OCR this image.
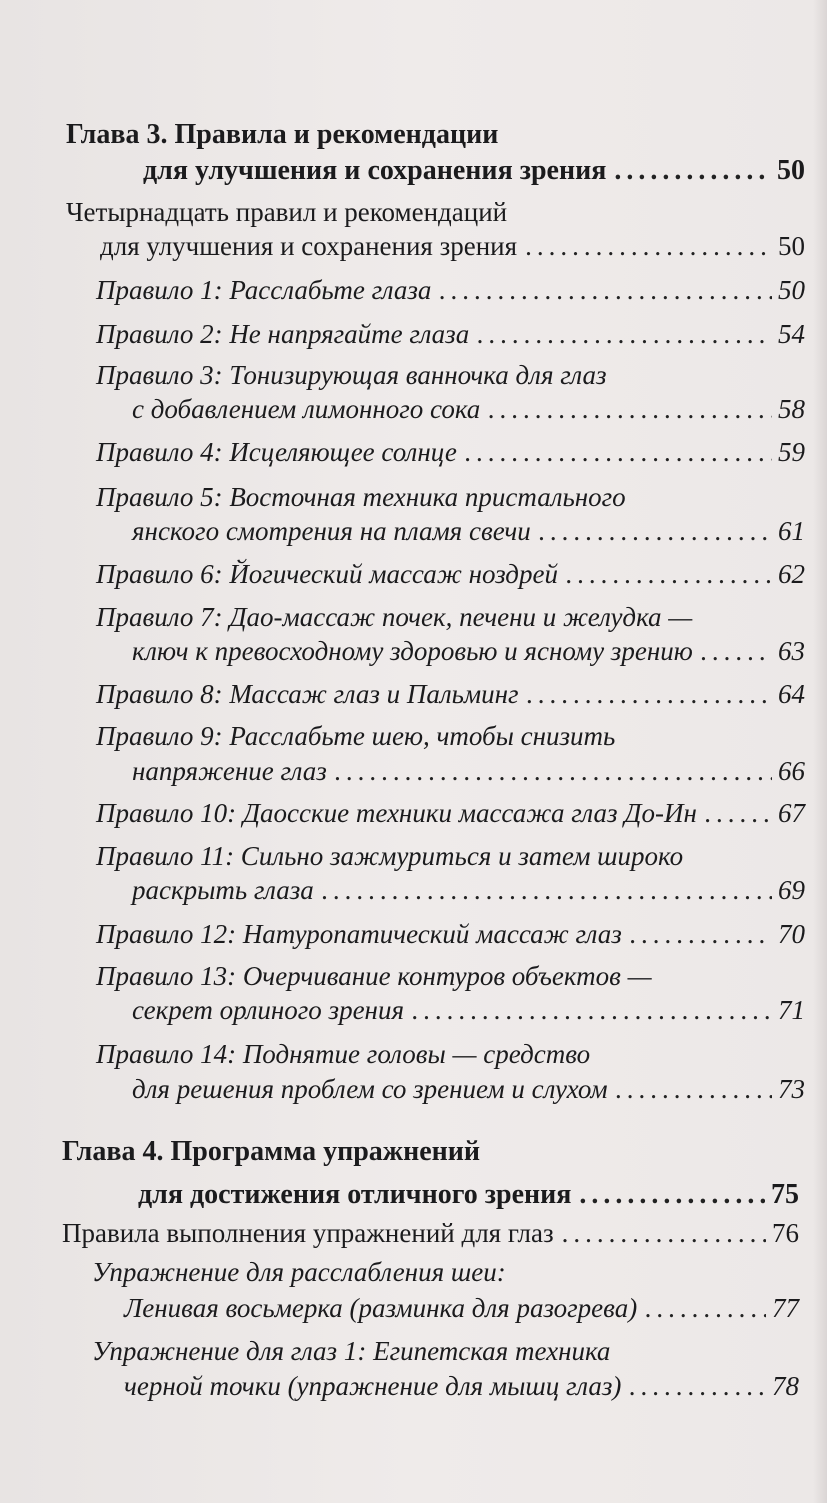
Глава 3. Правила и рекомендации
для улучшения и сохранения зрения .....	50
Четырнадцать правил и рекомендаций
для улучшения и сохранения зрения .....	50
Правило 1: Расслабьте глаза .....	50
Правило 2: Не напрягайте глаза .....	54
Правило 3: Тонизирующая ванночка для глаз
с добавлением лимонного сока .....	58
Правило 4: Исцеляющее солнце .....	59
Правило 5: Восточная техника пристального
янского смотрения на пламя свечи .....	61
Правило 6: Йогический массаж ноздрей .....	62
Правило 7: Дао-массаж почек, печени и желудка —
ключ к превосходному здоровью и ясному зрению .....	63
Правило 8: Массаж глаз и Пальминг .....	64
Правило 9: Расслабьте шею, чтобы снизить
напряжение глаз .....	66
Правило 10: Даосские техники массажа глаз До-Ин .....	67
Правило 11: Сильно зажмуриться и затем широко
раскрыть глаза .....	69
Правило 12: Натуропатический массаж глаз .....	70
Правило 13: Очерчивание контуров объектов —
секрет орлиного зрения .....	71
Правило 14: Поднятие головы — средство
для решения проблем со зрением и слухом .....	73
Глава 4. Программа упражнений
для достижения отличного зрения .....	75
Правила выполнения упражнений для глаз .....	76
Упражнение для расслабления шеи:
Ленивая восьмерка (разминка для разогрева) .....	77
Упражнение для глаз 1: Египетская техника
черной точки (упражнение для мышц глаз) .....	78
